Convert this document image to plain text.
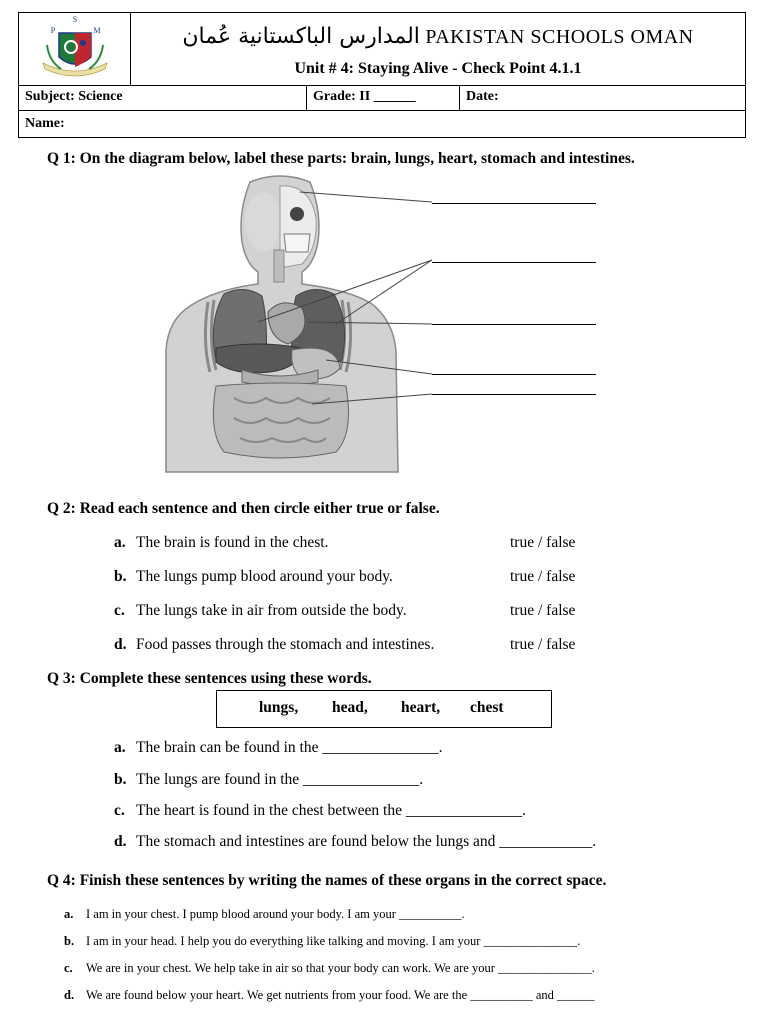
S
P	M	المدارس الباكستانية عُمان PAKISTAN SCHOOLS OMAN
Unit # 4: Staying Alive - Check Point 4.1.1
Subject: Science	Grade: II ______	Date:
Name:
Q 1: On the diagram below, label these parts: brain, lungs, heart, stomach and intestines.
Q 2: Read each sentence and then circle either true or false.
a. The brain is found in the chest.	true / false
b. The lungs pump blood around your body.	true / false
c. The lungs take in air from outside the body.	true / false
d. Food passes through the stomach and intestines.	true / false
Q 3: Complete these sentences using these words.
lungs, head, heart, chest
a. The brain can be found in the _______________.
b. The lungs are found in the _______________.
c. The heart is found in the chest between the _______________.
d. The stomach and intestines are found below the lungs and ____________.
Q 4: Finish these sentences by writing the names of these organs in the correct space.
a. I am in your chest. I pump blood around your body. I am your __________.
b. I am in your head. I help you do everything like talking and moving. I am your _______________.
c. We are in your chest. We help take in air so that your body can work. We are your _______________.
d. We are found below your heart. We get nutrients from your food. We are the __________ and ______
